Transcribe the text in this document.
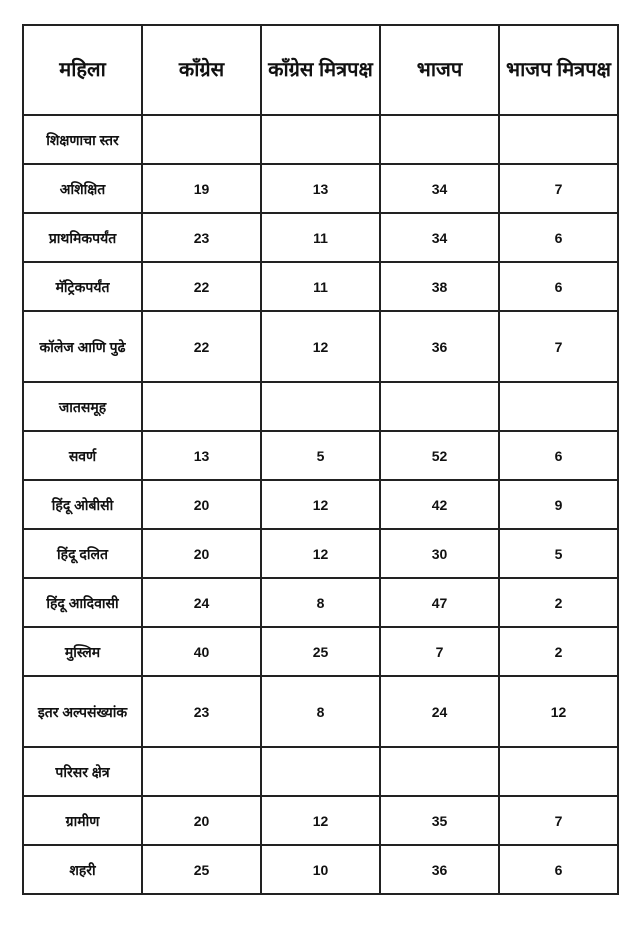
महिला	काँग्रेस	काँग्रेस मित्रपक्ष	भाजप	भाजप मित्रपक्ष
शिक्षणाचा स्तर				
अशिक्षित	19	13	34	7
प्राथमिकपर्यंत	23	11	34	6
मॅट्रिकपर्यंत	22	11	38	6
कॉलेज आणि पुढे	22	12	36	7
जातसमूह				
सवर्ण	13	5	52	6
हिंदू ओबीसी	20	12	42	9
हिंदू दलित	20	12	30	5
हिंदू आदिवासी	24	8	47	2
मुस्लिम	40	25	7	2
इतर अल्पसंख्यांक	23	8	24	12
परिसर क्षेत्र				
ग्रामीण	20	12	35	7
शहरी	25	10	36	6
